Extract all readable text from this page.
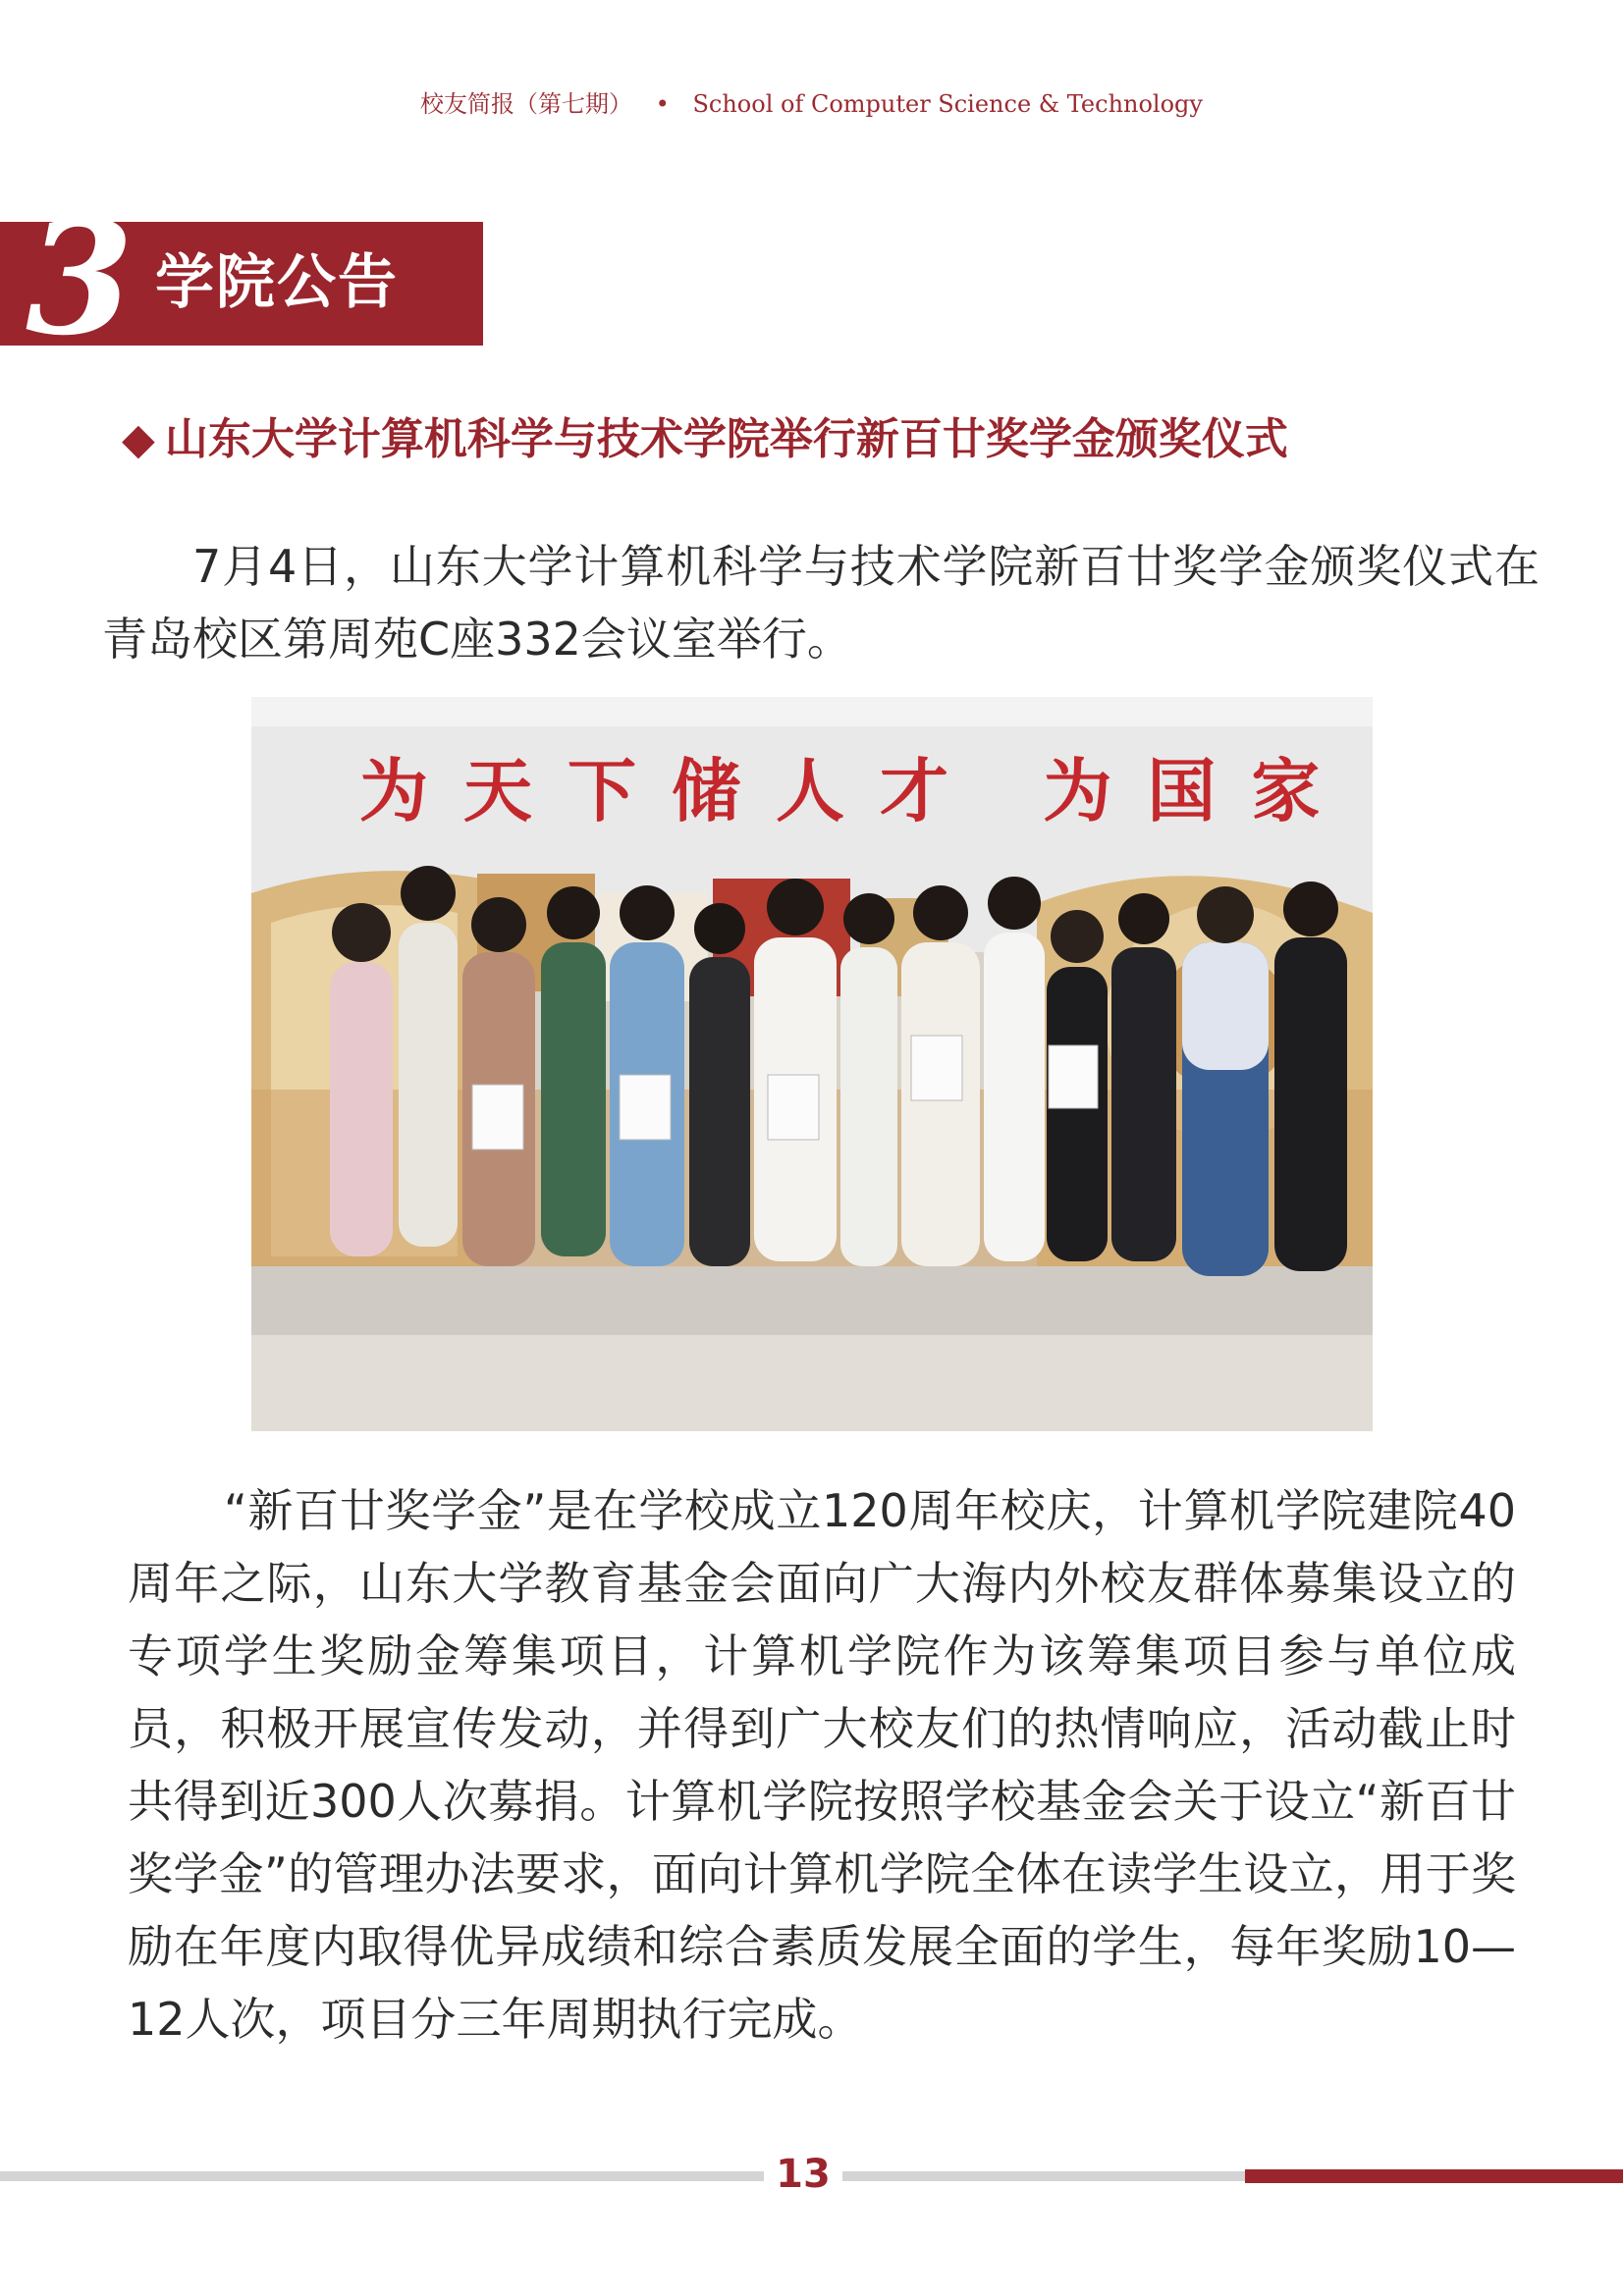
校友简报（第七期） • School of Computer Science & Technology
3 学院公告
◆ 山东大学计算机科学与技术学院举行新百廿奖学金颁奖仪式
7月4日，山东大学计算机科学与技术学院新百廿奖学金颁奖仪式在青岛校区第周苑C座332会议室举行。
为天下储人才 为国家
“新百廿奖学金”是在学校成立120周年校庆，计算机学院建院40周年之际，山东大学教育基金会面向广大海内外校友群体募集设立的专项学生奖励金筹集项目，计算机学院作为该筹集项目参与单位成员，积极开展宣传发动，并得到广大校友们的热情响应，活动截止时共得到近300人次募捐。计算机学院按照学校基金会关于设立“新百廿奖学金”的管理办法要求，面向计算机学院全体在读学生设立，用于奖励在年度内取得优异成绩和综合素质发展全面的学生，每年奖励10—12人次，项目分三年周期执行完成。
13
